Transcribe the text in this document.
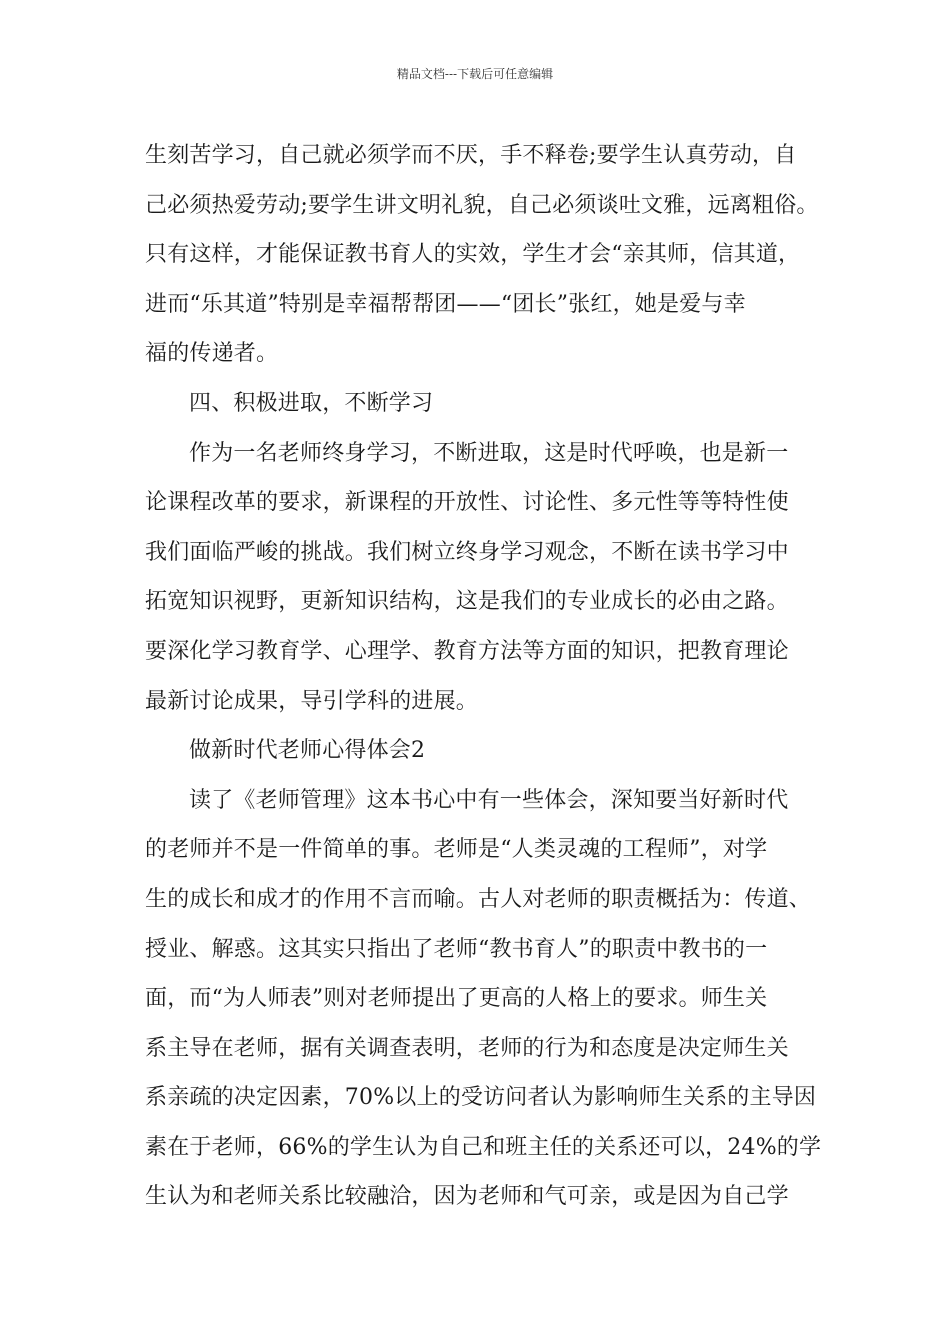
精品文档---下载后可任意编辑
生刻苦学习，自己就必须学而不厌，手不释卷;要学生认真劳动，自
己必须热爱劳动;要学生讲文明礼貌，自己必须谈吐文雅，远离粗俗。
只有这样，才能保证教书育人的实效，学生才会“亲其师，信其道，
进而“乐其道”特别是幸福帮帮团——“团长”张红，她是爱与幸
福的传递者。
四、积极进取，不断学习
作为一名老师终身学习，不断进取，这是时代呼唤，也是新一
论课程改革的要求，新课程的开放性、讨论性、多元性等等特性使
我们面临严峻的挑战。我们树立终身学习观念，不断在读书学习中
拓宽知识视野，更新知识结构，这是我们的专业成长的必由之路。
要深化学习教育学、心理学、教育方法等方面的知识，把教育理论
最新讨论成果，导引学科的进展。
做新时代老师心得体会2
读了《老师管理》这本书心中有一些体会，深知要当好新时代
的老师并不是一件简单的事。老师是“人类灵魂的工程师”，对学
生的成长和成才的作用不言而喻。古人对老师的职责概括为：传道、
授业、解惑。这其实只指出了老师“教书育人”的职责中教书的一
面，而“为人师表”则对老师提出了更高的人格上的要求。师生关
系主导在老师，据有关调查表明，老师的行为和态度是决定师生关
系亲疏的决定因素，70%以上的受访问者认为影响师生关系的主导因
素在于老师，66%的学生认为自己和班主任的关系还可以，24%的学
生认为和老师关系比较融洽，因为老师和气可亲，或是因为自己学
